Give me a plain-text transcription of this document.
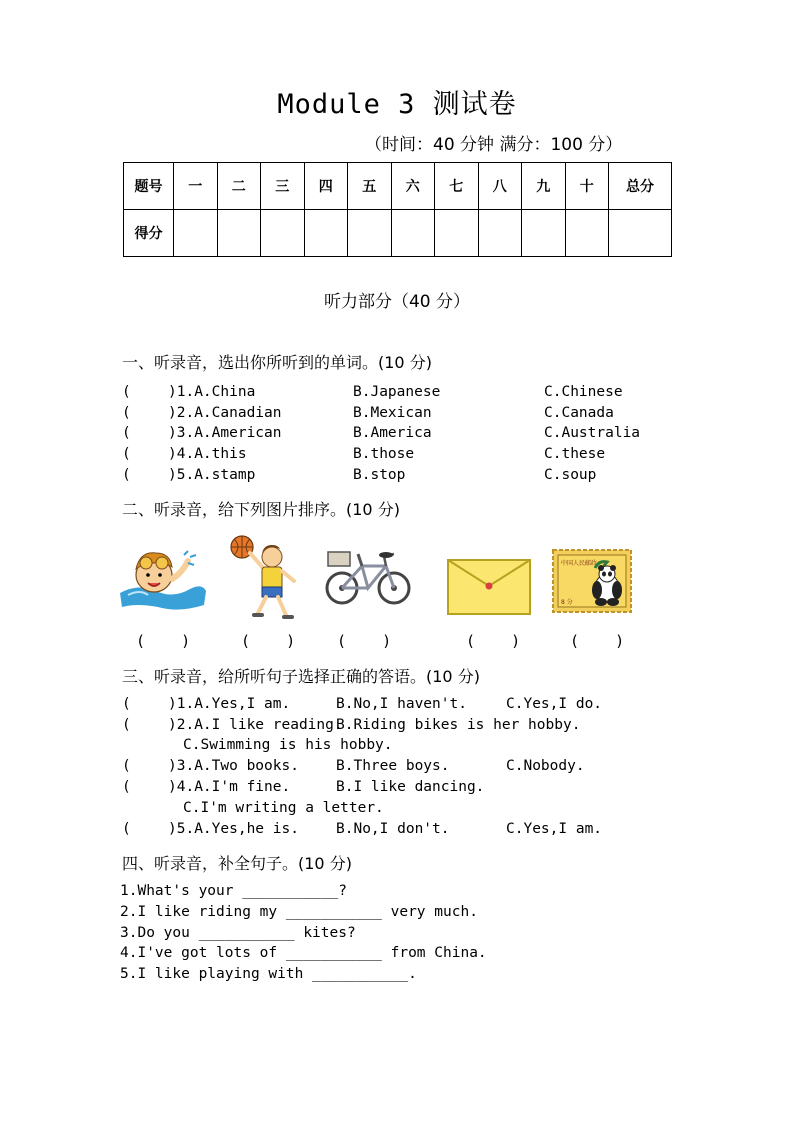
Module 3 测试卷
（时间：40 分钟 满分：100 分）
题号	一	二	三	四	五	六	七	八	九	十	总分
得分											
听力部分（40 分）
一、听录音，选出你所听到的单词。(10 分)
(	)1.A.China	B.Japanese	C.Chinese
(	)2.A.Canadian	B.Mexican	C.Canada
(	)3.A.American	B.America	C.Australia
(	)4.A.this	B.those	C.these
(	)5.A.stamp	B.stop	C.soup
二、听录音，给下列图片排序。(10 分)
中国人民邮政
8 分
(    )	(    )	(    )	(    )	(    )
三、听录音，给所听句子选择正确的答语。(10 分)
(	)1.A.Yes,I am.	B.No,I haven't.	C.Yes,I do.
(	)2.A.I like reading.
B.Riding bikes is her hobby.
C.Swimming is his hobby.
(	)3.A.Two books.	B.Three boys.	C.Nobody.
(	)4.A.I'm fine.	B.I like dancing.
C.I'm writing a letter.
(	)5.A.Yes,he is.	B.No,I don't.	C.Yes,I am.
四、听录音，补全句子。(10 分)
1.What's your ___________?
2.I like riding my ___________ very much.
3.Do you ___________ kites?
4.I've got lots of ___________ from China.
5.I like playing with ___________.
